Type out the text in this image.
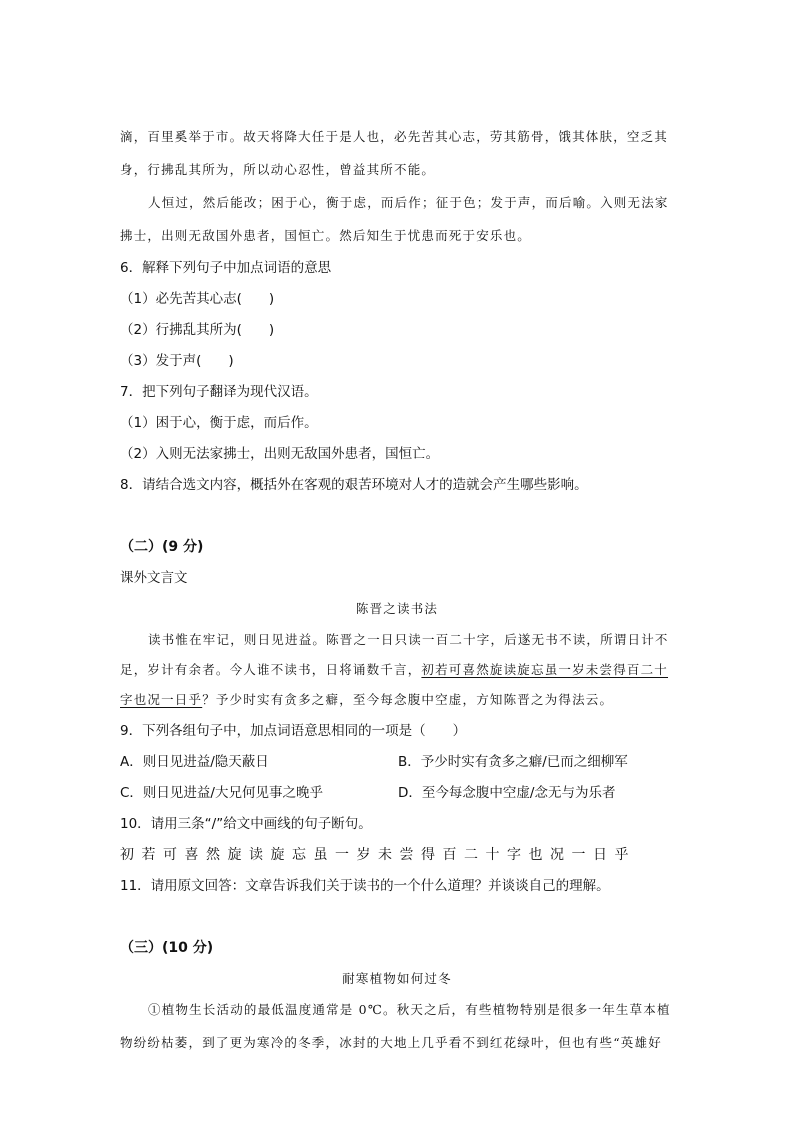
滴，百里奚举于市。故天将降大任于是人也，必先苦其心志，劳其筋骨，饿其体肤，空乏其
身，行拂乱其所为，所以动心忍性，曾益其所不能。
人恒过，然后能改；困于心，衡于虑，而后作；征于色；发于声，而后喻。入则无法家
拂士，出则无敌国外患者，国恒亡。然后知生于忧患而死于安乐也。
6．解释下列句子中加点词语的意思
（1）必先苦其心志(　　)
（2）行拂乱其所为(　　)
（3）发于声(　　)
7．把下列句子翻译为现代汉语。
（1）困于心，衡于虑，而后作。
（2）入则无法家拂士，出则无敌国外患者，国恒亡。
8．请结合选文内容，概括外在客观的艰苦环境对人才的造就会产生哪些影响。
（二）(9 分)
课外文言文
陈晋之读书法
读书惟在牢记，则日见进益。陈晋之一日只读一百二十字，后遂无书不读，所谓日计不
足，岁计有余者。今人谁不读书，日将诵数千言，初若可喜然旋读旋忘虽一岁未尝得百二十
字也况一日乎？予少时实有贪多之癖，至今每念腹中空虚，方知陈晋之为得法云。
9．下列各组句子中，加点词语意思相同的一项是（　　）
A．则日见进益/隐天蔽日	B．予少时实有贪多之癖/已而之细柳军
C．则日见进益/大兄何见事之晚乎	D．至今每念腹中空虚/念无与为乐者
10．请用三条“/”给文中画线的句子断句。
初若可喜然旋读旋忘虽一岁未尝得百二十字也况一日乎
11．请用原文回答：文章告诉我们关于读书的一个什么道理？并谈谈自己的理解。
（三）(10 分)
耐寒植物如何过冬
①植物生长活动的最低温度通常是 0℃。秋天之后，有些植物特别是很多一年生草本植
物纷纷枯萎，到了更为寒冷的冬季，冰封的大地上几乎看不到红花绿叶，但也有些“英雄好
